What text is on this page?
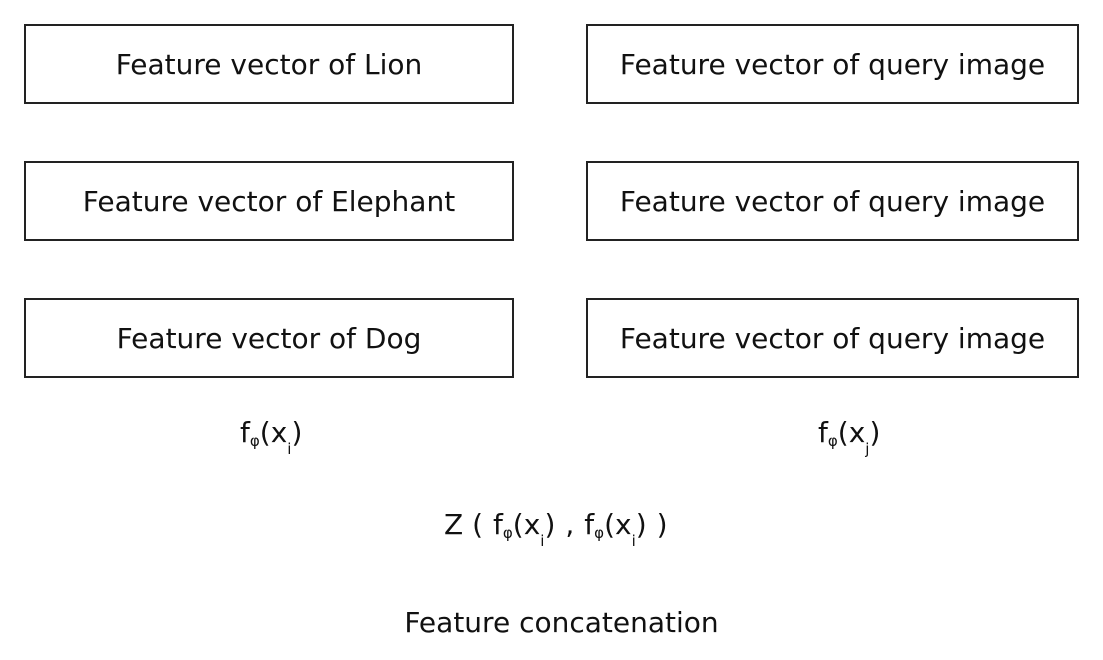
Feature vector of Lion
Feature vector of Elephant
Feature vector of Dog
Feature vector of query image
Feature vector of query image
Feature vector of query image
$f_\varphi(x_i)$	$f_\varphi(x_j)$
Z ( $f_\varphi(x_i)$ , $f_\varphi(x_i)$ )
Feature concatenation
